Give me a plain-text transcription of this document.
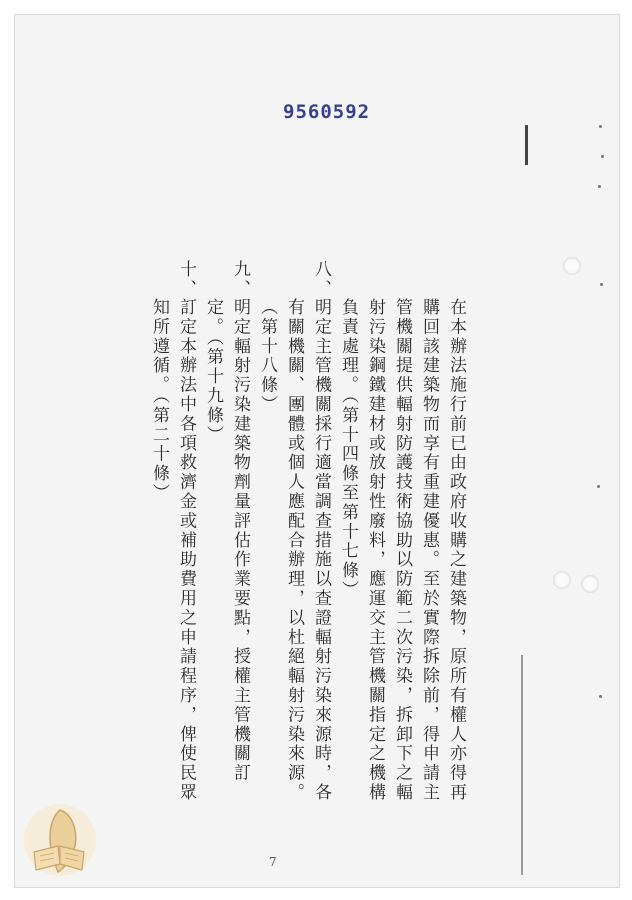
9560592
在本辦法施行前已由政府收購之建築物，原所有權人亦得再
購回該建築物而享有重建優惠。至於實際拆除前，得申請主
管機關提供輻射防護技術協助以防範二次污染，拆卸下之輻
射污染鋼鐵建材或放射性廢料，應運交主管機關指定之機構
負責處理。（第十四條至第十七條）
八、
明定主管機關採行適當調查措施以查證輻射污染來源時，各
有關機關、團體或個人應配合辦理，以杜絕輻射污染來源。
（第十八條）
九、
明定輻射污染建築物劑量評估作業要點，授權主管機關訂
定。（第十九條）
十、
訂定本辦法中各項救濟金或補助費用之申請程序，俾使民眾
知所遵循。（第二十條）
7
